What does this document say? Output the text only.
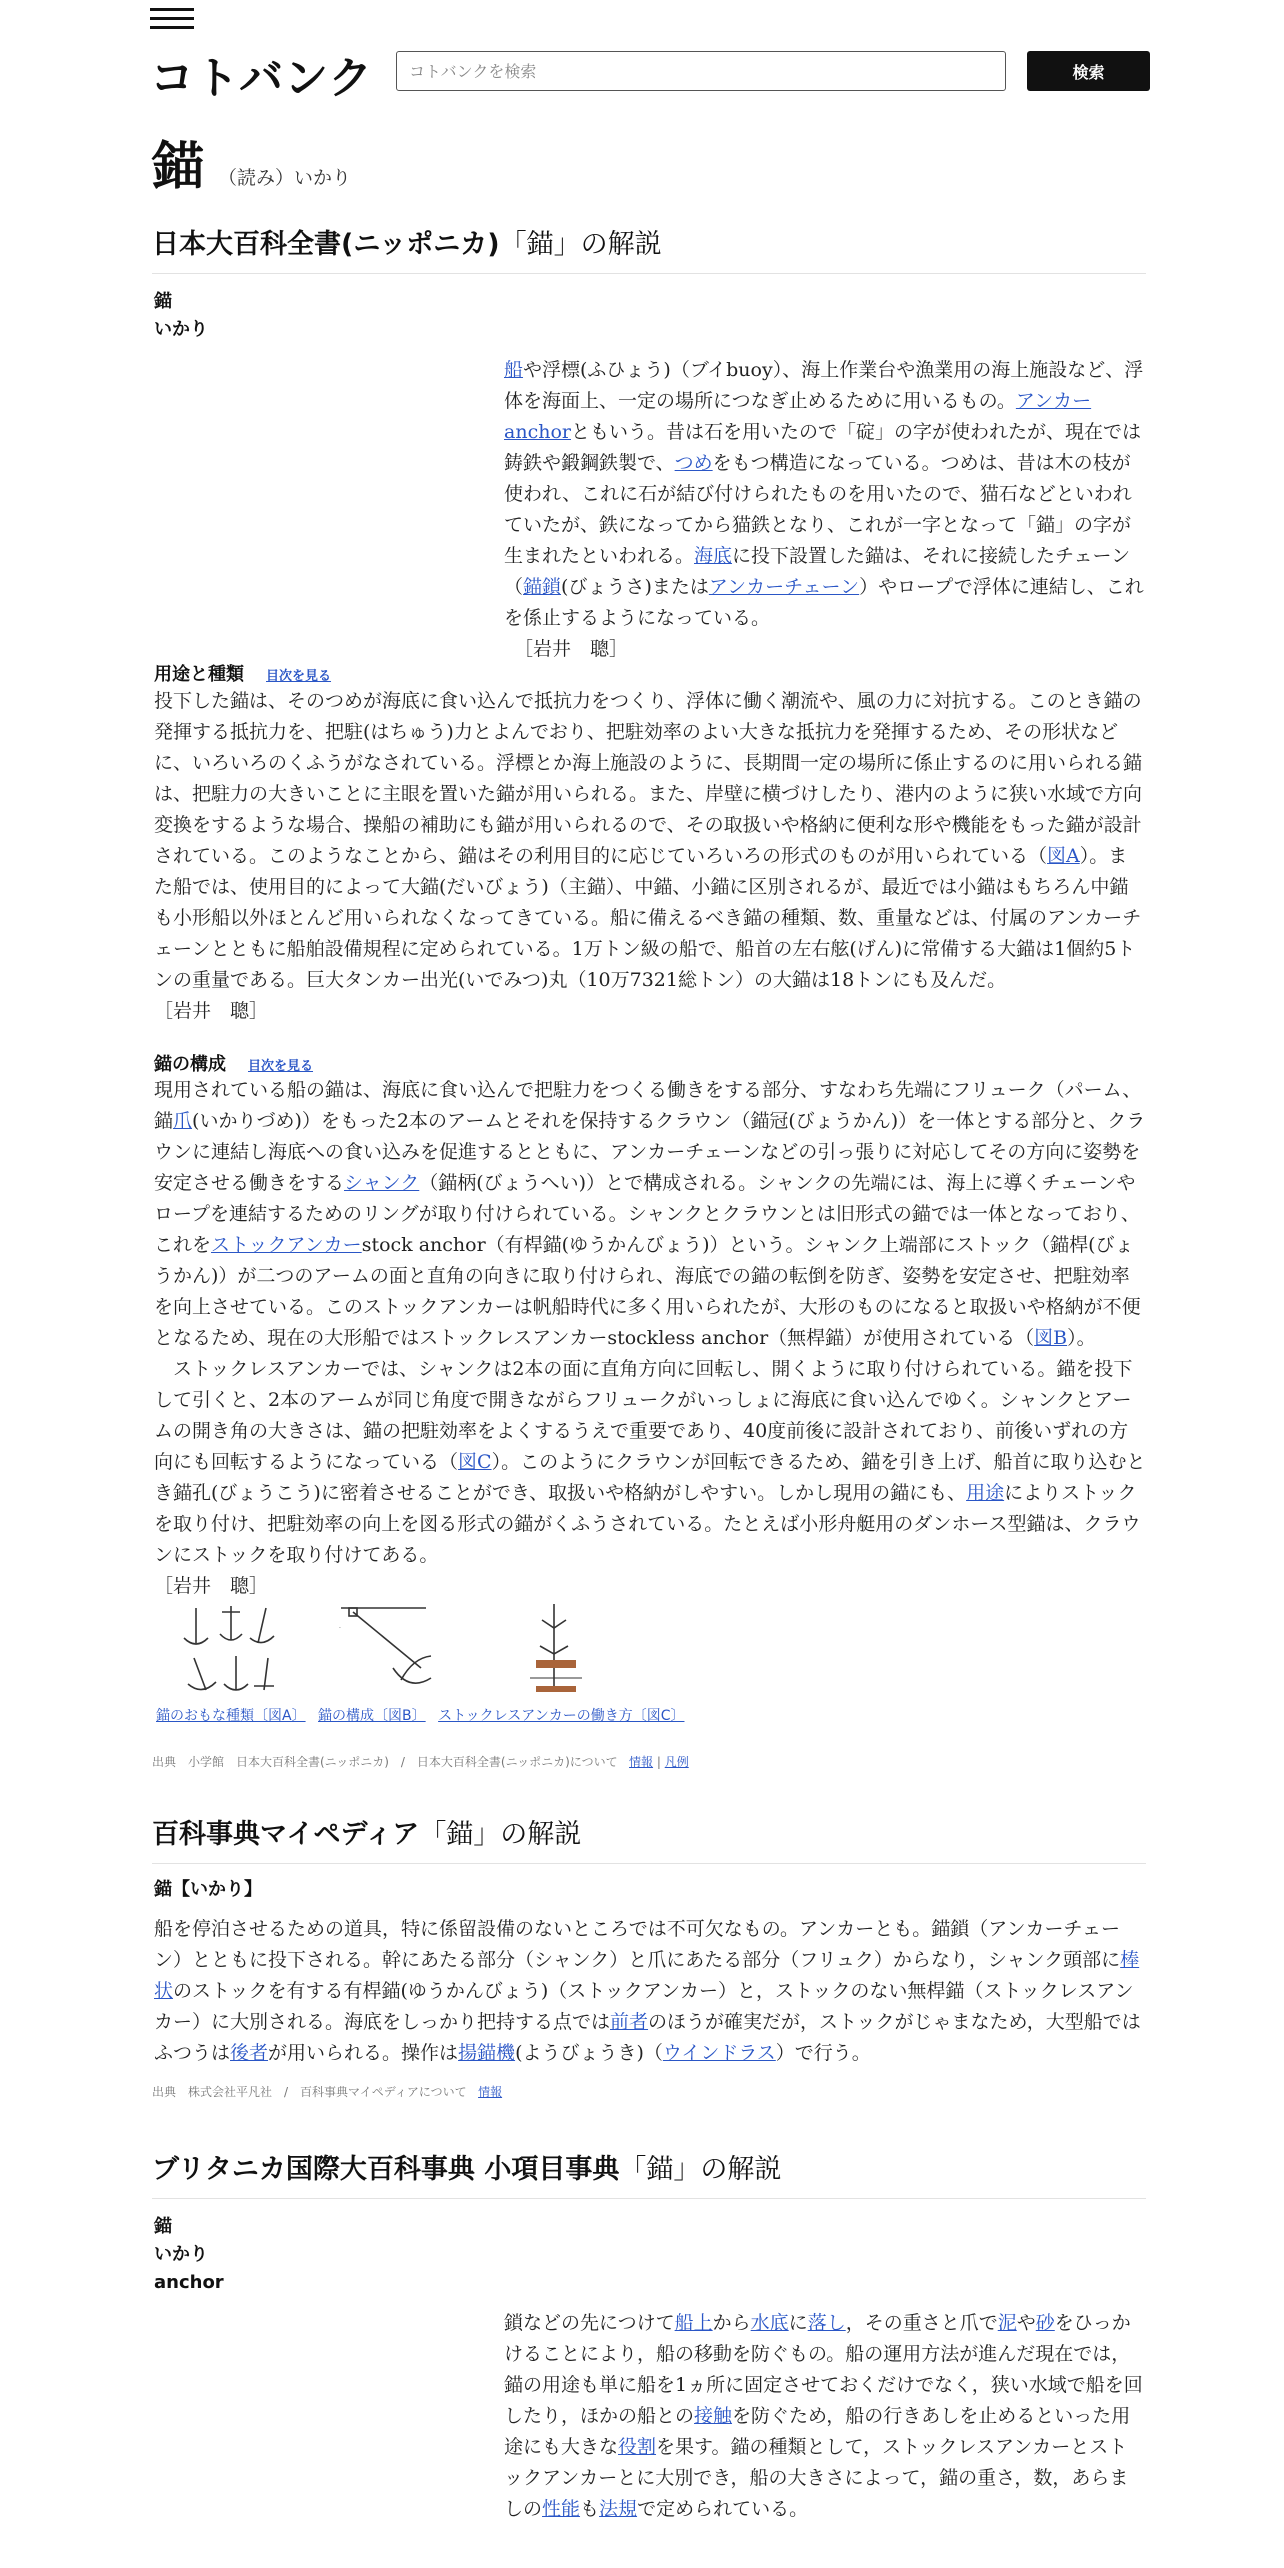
コトバンク
コトバンクを検索	検索
錨 （読み）いかり
日本大百科全書(ニッポニカ)「錨」の解説
錨
いかり
船や浮標(ふひょう)（ブイbuoy）、海上作業台や漁業用の海上施設など、浮体を海面上、一定の場所につなぎ止めるために用いるもの。アンカーanchorともいう。昔は石を用いたので「碇」の字が使われたが、現在では鋳鉄や鍛鋼鉄製で、つめをもつ構造になっている。つめは、昔は木の枝が使われ、これに石が結び付けられたものを用いたので、猫石などといわれていたが、鉄になってから猫鉄となり、これが一字となって「錨」の字が生まれたといわれる。海底に投下設置した錨は、それに接続したチェーン（錨鎖(びょうさ)またはアンカーチェーン）やロープで浮体に連結し、これを係止するようになっている。
［岩井　聰］
用途と種類 目次を見る
投下した錨は、そのつめが海底に食い込んで抵抗力をつくり、浮体に働く潮流や、風の力に対抗する。このとき錨の発揮する抵抗力を、把駐(はちゅう)力とよんでおり、把駐効率のよい大きな抵抗力を発揮するため、その形状などに、いろいろのくふうがなされている。浮標とか海上施設のように、長期間一定の場所に係止するのに用いられる錨は、把駐力の大きいことに主眼を置いた錨が用いられる。また、岸壁に横づけしたり、港内のように狭い水域で方向変換をするような場合、操船の補助にも錨が用いられるので、その取扱いや格納に便利な形や機能をもった錨が設計されている。このようなことから、錨はその利用目的に応じていろいろの形式のものが用いられている（図A）。また船では、使用目的によって大錨(だいびょう)（主錨）、中錨、小錨に区別されるが、最近では小錨はもちろん中錨も小形船以外ほとんど用いられなくなってきている。船に備えるべき錨の種類、数、重量などは、付属のアンカーチェーンとともに船舶設備規程に定められている。1万トン級の船で、船首の左右舷(げん)に常備する大錨は1個約5トンの重量である。巨大タンカー出光(いでみつ)丸（10万7321総トン）の大錨は18トンにも及んだ。
［岩井　聰］
錨の構成 目次を見る
現用されている船の錨は、海底に食い込んで把駐力をつくる働きをする部分、すなわち先端にフリューク（パーム、錨爪(いかりづめ)）をもった2本のアームとそれを保持するクラウン（錨冠(びょうかん)）を一体とする部分と、クラウンに連結し海底への食い込みを促進するとともに、アンカーチェーンなどの引っ張りに対応してその方向に姿勢を安定させる働きをするシャンク（錨柄(びょうへい)）とで構成される。シャンクの先端には、海上に導くチェーンやロープを連結するためのリングが取り付けられている。シャンクとクラウンとは旧形式の錨では一体となっており、これをストックアンカーstock anchor（有桿錨(ゆうかんびょう)）という。シャンク上端部にストック（錨桿(びょうかん)）が二つのアームの面と直角の向きに取り付けられ、海底での錨の転倒を防ぎ、姿勢を安定させ、把駐効率を向上させている。このストックアンカーは帆船時代に多く用いられたが、大形のものになると取扱いや格納が不便となるため、現在の大形船ではストックレスアンカーstockless anchor（無桿錨）が使用されている（図B）。
　ストックレスアンカーでは、シャンクは2本の面に直角方向に回転し、開くように取り付けられている。錨を投下して引くと、2本のアームが同じ角度で開きながらフリュークがいっしょに海底に食い込んでゆく。シャンクとアームの開き角の大きさは、錨の把駐効率をよくするうえで重要であり、40度前後に設計されており、前後いずれの方向にも回転するようになっている（図C）。このようにクラウンが回転できるため、錨を引き上げ、船首に取り込むとき錨孔(びょうこう)に密着させることができ、取扱いや格納がしやすい。しかし現用の錨にも、用途によりストックを取り付け、把駐効率の向上を図る形式の錨がくふうされている。たとえば小形舟艇用のダンホース型錨は、クラウンにストックを取り付けてある。
［岩井　聰］
.
錨のおもな種類〔図A〕 錨の構成〔図B〕 ストックレスアンカーの働き方〔図C〕
出典　小学館　日本大百科全書(ニッポニカ)　/　日本大百科全書(ニッポニカ)について 情報 | 凡例
百科事典マイペディア「錨」の解説
錨【いかり】
船を停泊させるための道具，特に係留設備のないところでは不可欠なもの。アンカーとも。錨鎖（アンカーチェーン）とともに投下される。幹にあたる部分（シャンク）と爪にあたる部分（フリュク）からなり，シャンク頭部に棒状のストックを有する有桿錨(ゆうかんびょう)（ストックアンカー）と，ストックのない無桿錨（ストックレスアンカー）に大別される。海底をしっかり把持する点では前者のほうが確実だが，ストックがじゃまなため，大型船ではふつうは後者が用いられる。操作は揚錨機(ようびょうき)（ウインドラス）で行う。
出典　株式会社平凡社　/　百科事典マイペディアについて 情報
ブリタニカ国際大百科事典 小項目事典「錨」の解説
錨
いかり
anchor
鎖などの先につけて船上から水底に落し，その重さと爪で泥や砂をひっかけることにより，船の移動を防ぐもの。船の運用方法が進んだ現在では，錨の用途も単に船を1ヵ所に固定させておくだけでなく，狭い水域で船を回したり，ほかの船との接触を防ぐため，船の行きあしを止めるといった用途にも大きな役割を果す。錨の種類として，ストックレスアンカーとストックアンカーとに大別でき，船の大きさによって，錨の重さ，数，あらましの性能も法規で定められている。
